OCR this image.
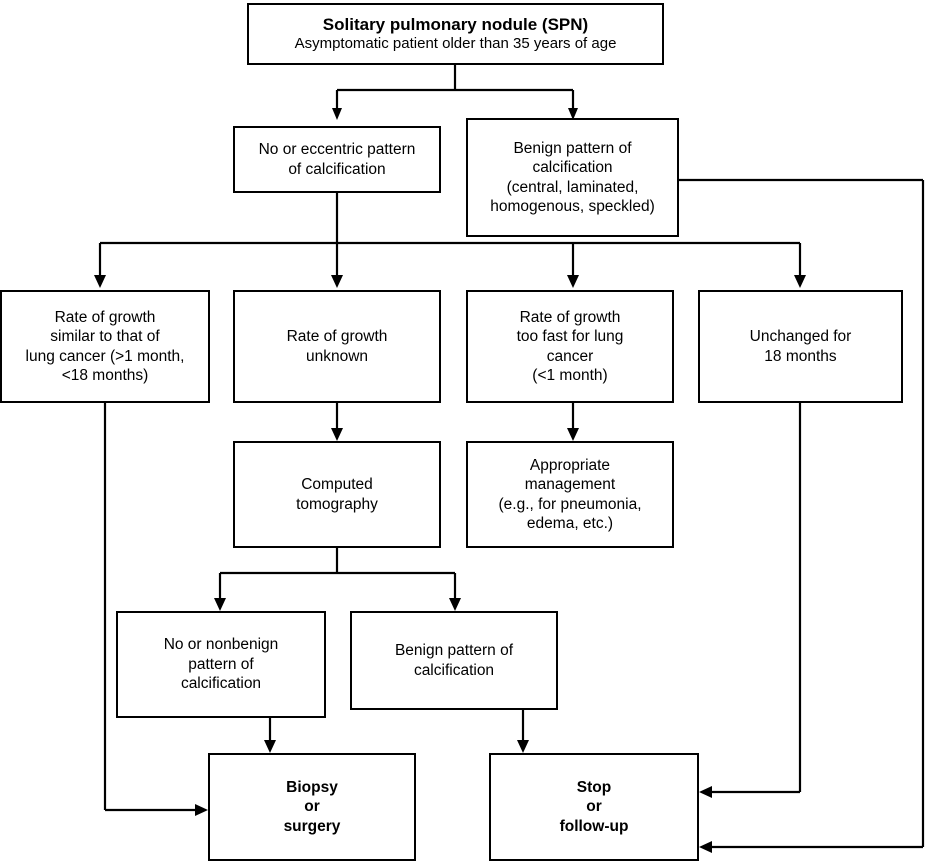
Solitary pulmonary nodule (SPN)
Asymptomatic patient older than 35 years of age
No or eccentric pattern
of calcification
Benign pattern of
calcification
(central, laminated,
homogenous, speckled)
Rate of growth
similar to that of
lung cancer (>1 month,
<18 months)
Rate of growth
unknown
Rate of growth
too fast for lung
cancer
(<1 month)
Unchanged for
18 months
Computed
tomography
Appropriate
management
(e.g., for pneumonia,
edema, etc.)
No or nonbenign
pattern of
calcification
Benign pattern of
calcification
Biopsy
or
surgery
Stop
or
follow-up
